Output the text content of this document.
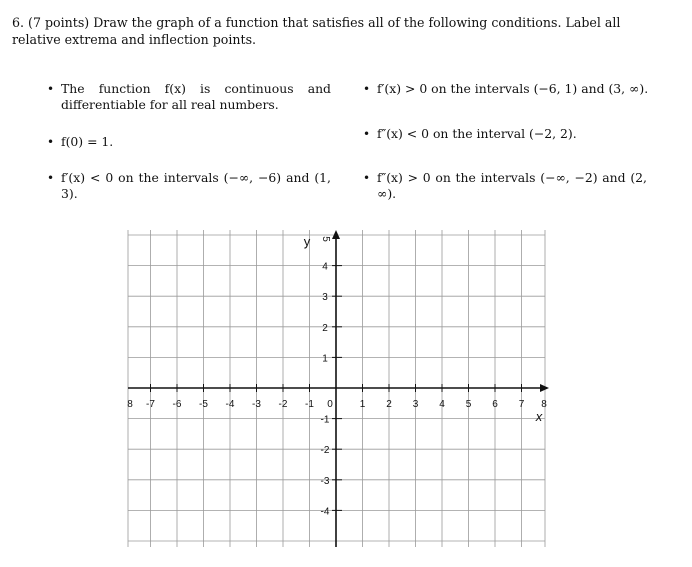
6. (7 points) Draw the graph of a function that satisfies all of the following conditions. Label all relative extrema and inflection points.
• The function f(x) is continuous and differentiable for all real numbers.
• f(0) = 1.
• f′(x) < 0 on the intervals (−∞, −6) and (1, 3).
• f′(x) > 0 on the intervals (−6, 1) and (3, ∞).
• f″(x) < 0 on the interval (−2, 2).
• f″(x) > 0 on the intervals (−∞, −2) and (2, ∞).
-7 -6 -5 -4 -3 -2 -1 0	1 2 3 4 5 6 7
4
3
2
1
-1
-2
-3
-4
y 5
8	8
x
